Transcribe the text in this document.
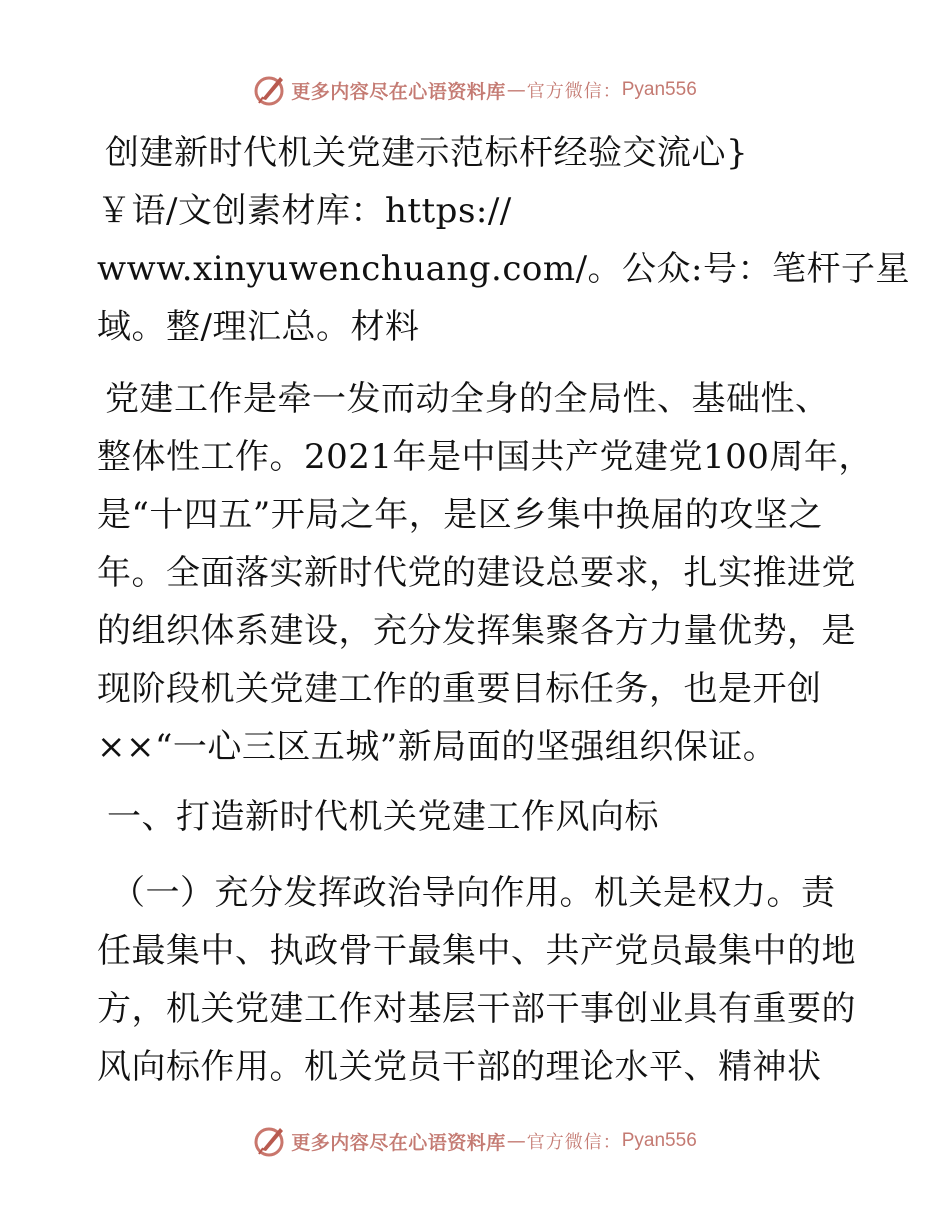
更多内容尽在心语资料库 — 官方微信： Pyan556

创建新时代机关党建示范标杆经验交流心}

￥语/文创素材库：https://

www.xinyuwenchuang.com/。公众:号：笔杆子星

域。整/理汇总。材料

党建工作是牵一发而动全身的全局性、基础性、

整体性工作。2021年是中国共产党建党100周年，

是“十四五”开局之年，是区乡集中换届的攻坚之

年。全面落实新时代党的建设总要求，扎实推进党

的组织体系建设，充分发挥集聚各方力量优势，是

现阶段机关党建工作的重要目标任务，也是开创

××“一心三区五城”新局面的坚强组织保证。

一、打造新时代机关党建工作风向标

（一）充分发挥政治导向作用。机关是权力。责

任最集中、执政骨干最集中、共产党员最集中的地

方，机关党建工作对基层干部干事创业具有重要的

风向标作用。机关党员干部的理论水平、精神状

更多内容尽在心语资料库 — 官方微信： Pyan556
